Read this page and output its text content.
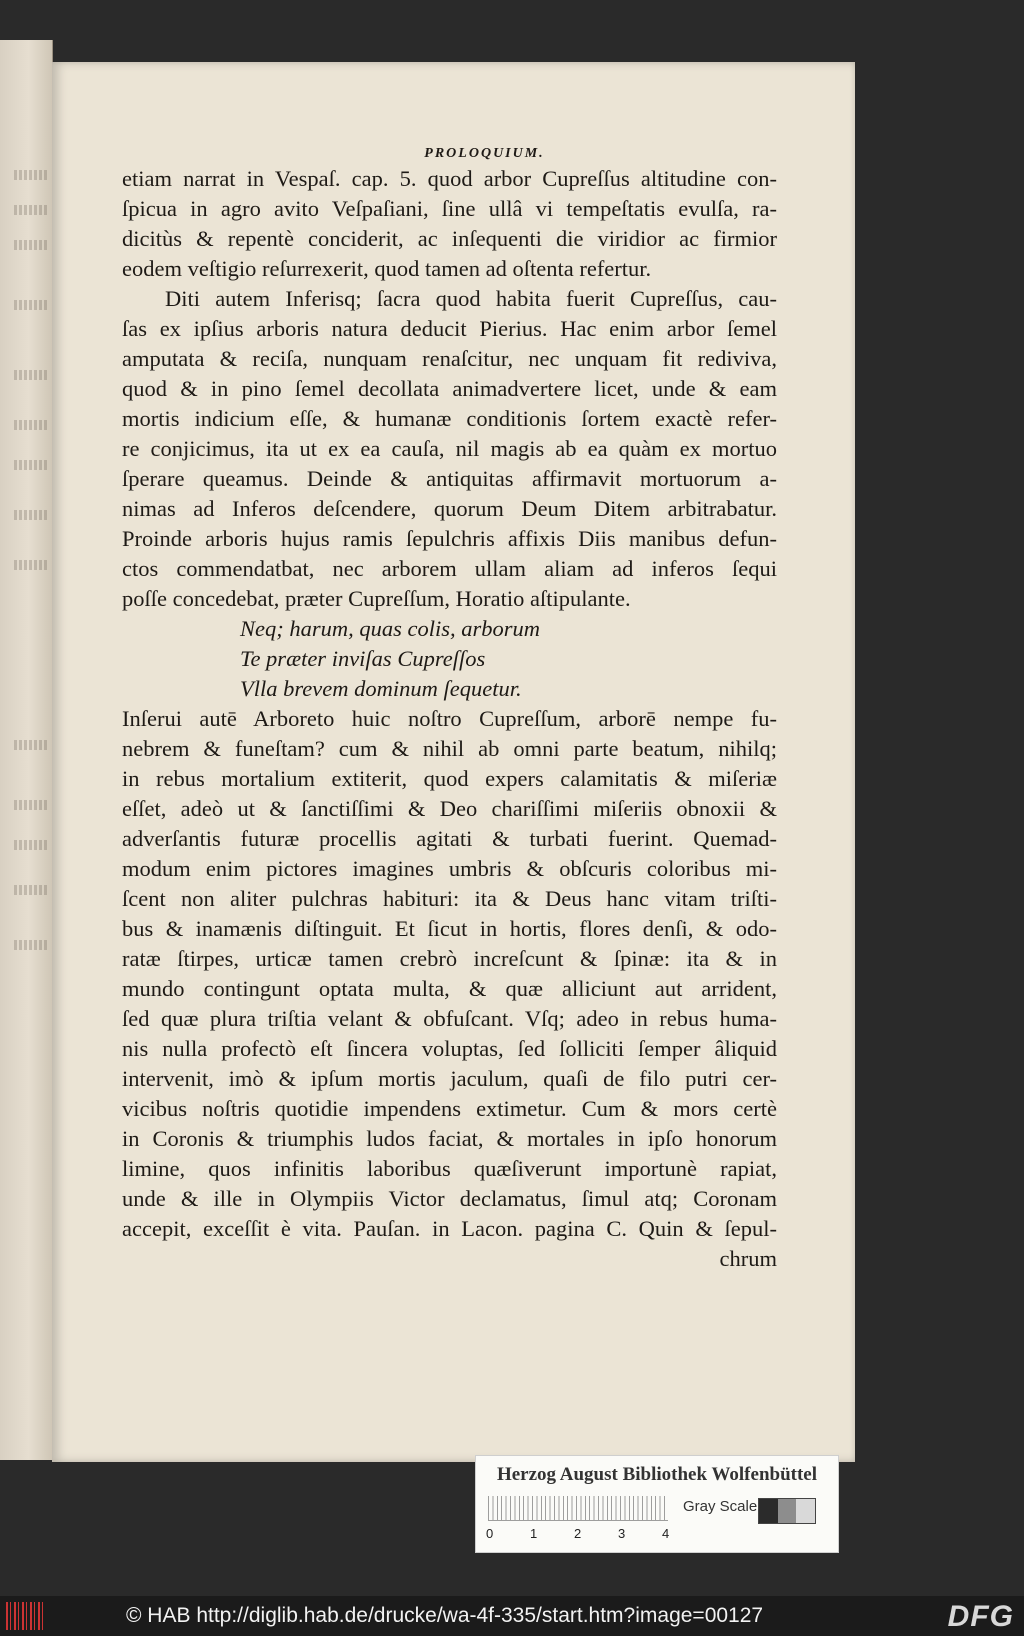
PROLOQUIUM.
etiam narrat in Vespaſ. cap. 5. quod arbor Cupreſſus altitudine con-
ſpicua in agro avito Veſpaſiani, ſine ullâ vi tempeſtatis evulſa, ra-
dicitùs & repentè conciderit, ac inſequenti die viridior ac firmior
eodem veſtigio reſurrexerit, quod tamen ad oſtenta refertur.
Diti autem Inferisq; ſacra quod habita fuerit Cupreſſus, cau-
ſas ex ipſius arboris natura deducit Pierius. Hac enim arbor ſemel
amputata & reciſa, nunquam renaſcitur, nec unquam fit rediviva,
quod & in pino ſemel decollata animadvertere licet, unde & eam
mortis indicium eſſe, & humanæ conditionis ſortem exactè refer-
re conjicimus, ita ut ex ea cauſa, nil magis ab ea quàm ex mortuo
ſperare queamus. Deinde & antiquitas affirmavit mortuorum a-
nimas ad Inferos deſcendere, quorum Deum Ditem arbitrabatur.
Proinde arboris hujus ramis ſepulchris affixis Diis manibus defun-
ctos commendatbat, nec arborem ullam aliam ad inferos ſequi
poſſe concedebat, præter Cupreſſum, Horatio aſtipulante.
Neq; harum, quas colis, arborum
Te præter inviſas Cupreſſos
Vlla brevem dominum ſequetur.
Inſerui autē Arboreto huic noſtro Cupreſſum, arborē nempe fu-
nebrem & funeſtam? cum & nihil ab omni parte beatum, nihilq;
in rebus mortalium extiterit, quod expers calamitatis & miſeriæ
eſſet, adeò ut & ſanctiſſimi & Deo chariſſimi miſeriis obnoxii &
adverſantis futuræ procellis agitati & turbati fuerint. Quemad-
modum enim pictores imagines umbris & obſcuris coloribus mi-
ſcent non aliter pulchras habituri: ita & Deus hanc vitam triſti-
bus & inamænis diſtinguit. Et ſicut in hortis, flores denſi, & odo-
ratæ ſtirpes, urticæ tamen crebrò increſcunt & ſpinæ: ita & in
mundo contingunt optata multa, & quæ alliciunt aut arrident,
ſed quæ plura triſtia velant & obfuſcant. Vſq; adeo in rebus huma-
nis nulla profectò eſt ſincera voluptas, ſed ſolliciti ſemper âliquid
intervenit, imò & ipſum mortis jaculum, quaſi de filo putri cer-
vicibus noſtris quotidie impendens extimetur. Cum & mors certè
in Coronis & triumphis ludos faciat, & mortales in ipſo honorum
limine, quos infinitis laboribus quæſiverunt importunè rapiat,
unde & ille in Olympiis Victor declamatus, ſimul atq; Coronam
accepit, exceſſit è vita. Pauſan. in Lacon. pagina C. Quin & ſepul-
chrum
Herzog August Bibliothek Wolfenbüttel
0	1	2	3	4
Gray Scale
© HAB http://diglib.hab.de/drucke/wa-4f-335/start.htm?image=00127	DFG
